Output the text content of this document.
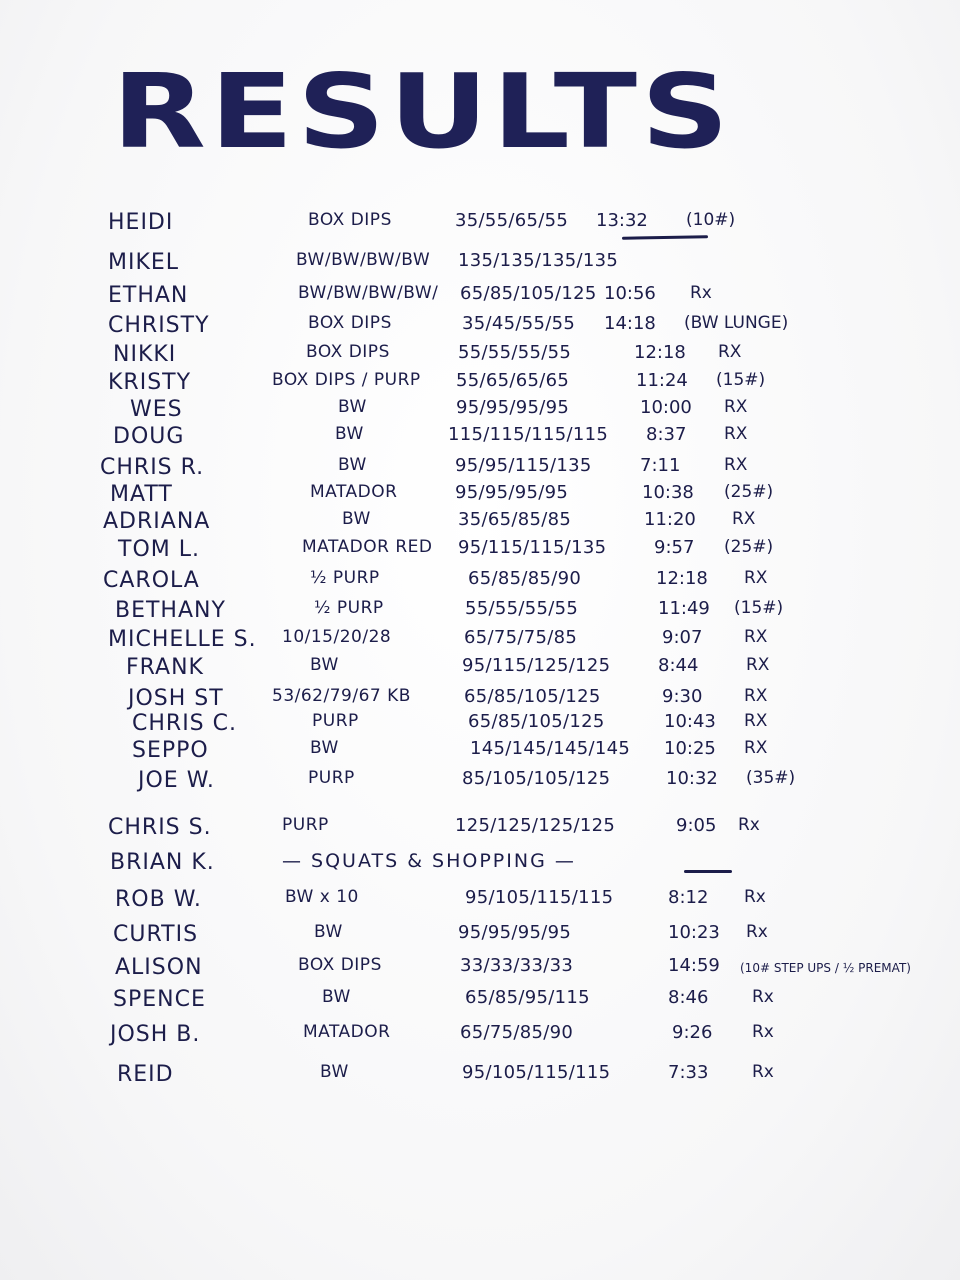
RESULTS
HEIDI	BOX DIPS	35/55/65/55 13:32 (10#)
MIKEL	BW/BW/BW/BW 135/135/135/135
ETHAN	BW/BW/BW/BW/ 65/85/105/125 10:56 Rx
CHRISTY	BOX DIPS	35/45/55/55 14:18 (BW LUNGE)
NIKKI	BOX DIPS	55/55/55/55	12:18 RX
KRISTY	BOX DIPS / PURP 55/65/65/65	11:24 (15#)
WES	BW	95/95/95/95	10:00 RX
DOUG	BW	115/115/115/115 8:37 RX
CHRIS R.	BW	95/95/115/135	7:11	RX
MATT	MATADOR	95/95/95/95	10:38 (25#)
ADRIANA	BW	35/65/85/85	11:20 RX
TOM L.	MATADOR RED 95/115/115/135	9:57 (25#)
CAROLA	½ PURP	65/85/85/90	12:18 RX
BETHANY	½ PURP	55/55/55/55	11:49 (15#)
MICHELLE S. 10/15/20/28	65/75/75/85	9:07 RX
FRANK	BW	95/115/125/125	8:44	RX
JOSH ST	53/62/79/67 KB	65/85/105/125	9:30 RX
CHRIS C.	PURP	65/85/105/125	10:43 RX
SEPPO	BW	145/145/145/145 10:25 RX
JOE W.	PURP	85/105/105/125	10:32 (35#)
CHRIS S.	PURP	125/125/125/125	9:05 Rx
BRIAN K.	— SQUATS & SHOPPING —
ROB W.	BW x 10	95/105/115/115	8:12 Rx
CURTIS	BW	95/95/95/95	10:23 Rx
ALISON	BOX DIPS	33/33/33/33	14:59 (10# STEP UPS / ½ PREMAT)
SPENCE	BW	65/85/95/115	8:46	Rx
JOSH B.	MATADOR	65/75/85/90	9:26 Rx
REID	BW	95/105/115/115	7:33	Rx
